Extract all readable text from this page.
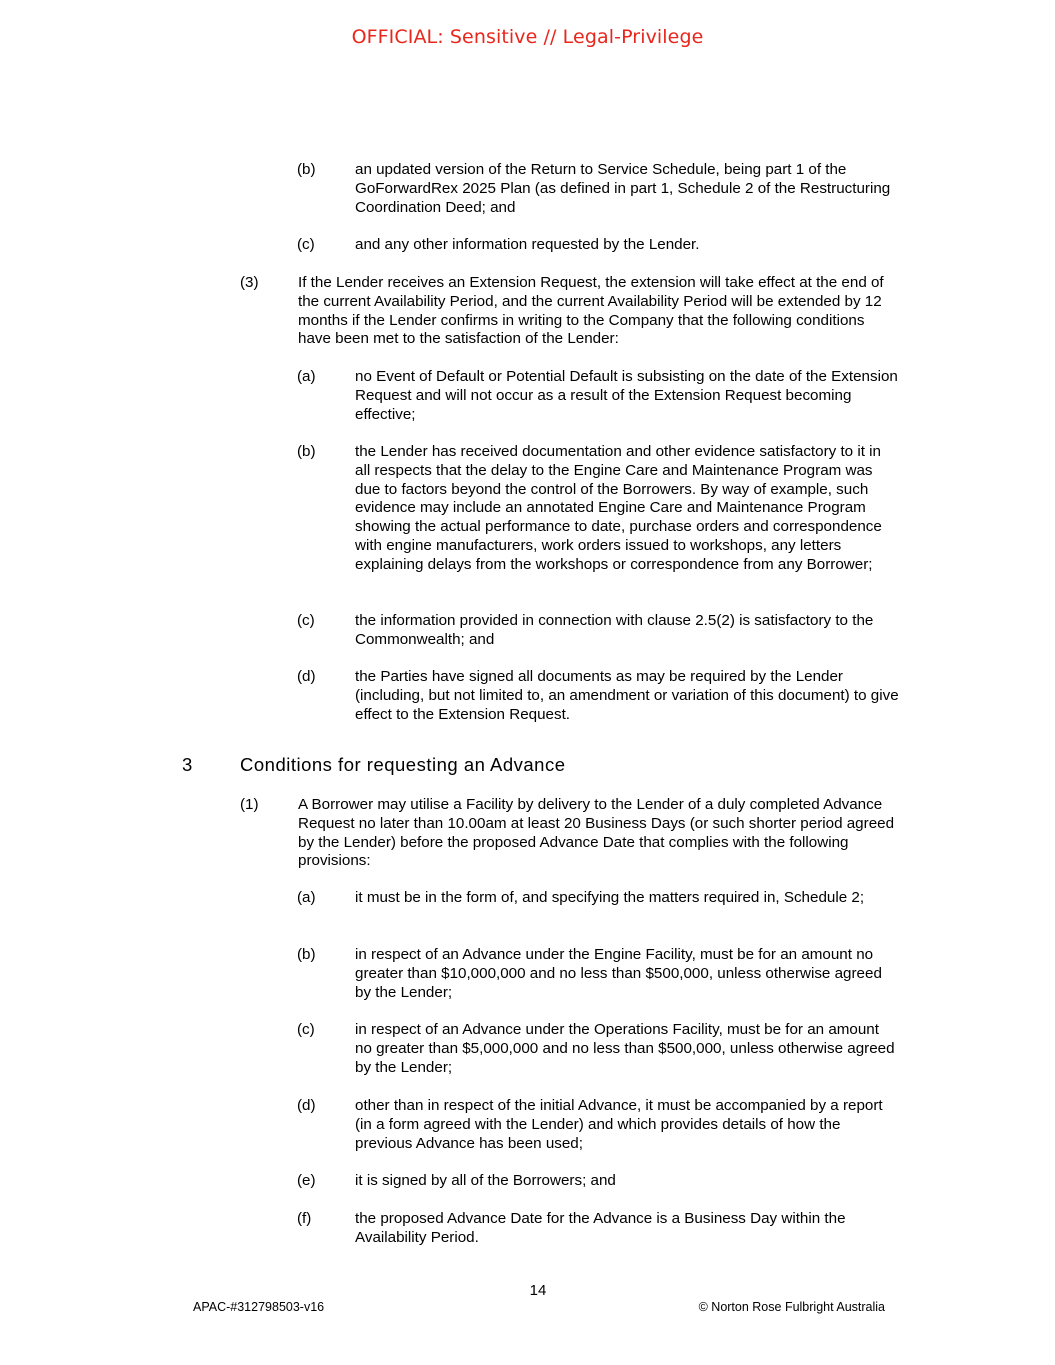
OFFICIAL: Sensitive // Legal-Privilege
(b)	an updated version of the Return to Service Schedule, being part 1 of the GoForwardRex 2025 Plan (as defined in part 1, Schedule 2 of the Restructuring Coordination Deed; and
(c)	and any other information requested by the Lender.
(3)	If the Lender receives an Extension Request, the extension will take effect at the end of the current Availability Period, and the current Availability Period will be extended by 12 months if the Lender confirms in writing to the Company that the following conditions have been met to the satisfaction of the Lender:
(a)	no Event of Default or Potential Default is subsisting on the date of the Extension Request and will not occur as a result of the Extension Request becoming effective;
(b)	the Lender has received documentation and other evidence satisfactory to it in all respects that the delay to the Engine Care and Maintenance Program was due to factors beyond the control of the Borrowers. By way of example, such evidence may include an annotated Engine Care and Maintenance Program showing the actual performance to date, purchase orders and correspondence with engine manufacturers, work orders issued to workshops, any letters explaining delays from the workshops or correspondence from any Borrower;
(c)	the information provided in connection with clause 2.5(2) is satisfactory to the Commonwealth; and
(d)	the Parties have signed all documents as may be required by the Lender (including, but not limited to, an amendment or variation of this document) to give effect to the Extension Request.
3	Conditions for requesting an Advance
(1)	A Borrower may utilise a Facility by delivery to the Lender of a duly completed Advance Request no later than 10.00am at least 20 Business Days (or such shorter period agreed by the Lender) before the proposed Advance Date that complies with the following provisions:
(a)	it must be in the form of, and specifying the matters required in, Schedule 2;
(b)	in respect of an Advance under the Engine Facility, must be for an amount no greater than $10,000,000 and no less than $500,000, unless otherwise agreed by the Lender;
(c)	in respect of an Advance under the Operations Facility, must be for an amount no greater than $5,000,000 and no less than $500,000, unless otherwise agreed by the Lender;
(d)	other than in respect of the initial Advance, it must be accompanied by a report (in a form agreed with the Lender) and which provides details of how the previous Advance has been used;
(e)	it is signed by all of the Borrowers; and
(f)	the proposed Advance Date for the Advance is a Business Day within the Availability Period.
14
APAC-#312798503-v16	© Norton Rose Fulbright Australia
